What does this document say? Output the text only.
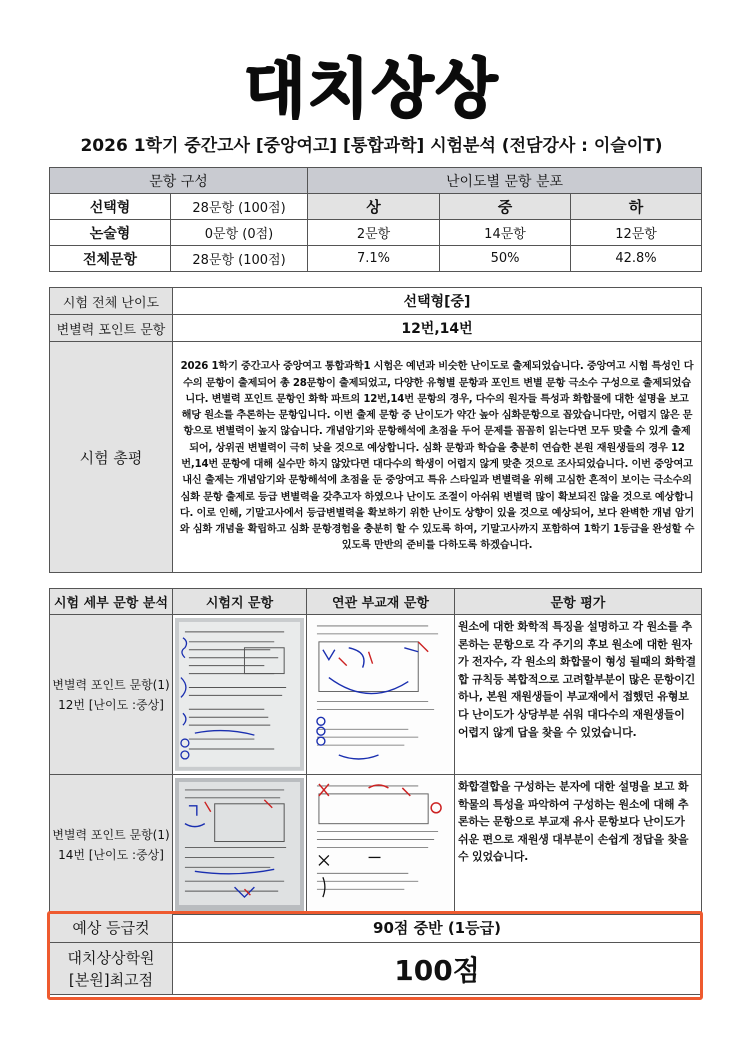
대치상상
2026 1학기 중간고사 [중앙여고] [통합과학] 시험분석 (전담강사 : 이슬이T)
문항 구성		난이도별 문항 분포		
선택형	28문항 (100점)	상	중	하
논술형	0문항 (0점)	2문항	14문항	12문항
전체문항	28문항 (100점)	7.1%	50%	42.8%
시험 전체 난이도	선택형[중]
변별력 포인트 문항	12번,14번
시험 총평	2026 1학기 중간고사 중앙여고 통합과학1 시험은 예년과 비슷한 난이도로 출제되었습니다. 중앙여고 시험 특성인 다수의 문항이 출제되어 총 28문항이 출제되었고, 다양한 유형별 문항과 포인트 변별 문항 극소수 구성으로 출제되었습니다. 변별력 포인트 문항인 화학 파트의 12번,14번 문항의 경우, 다수의 원자들 특성과 화합물에 대한 설명을 보고 해당 원소를 추론하는 문항입니다. 이번 출제 문항 중 난이도가 약간 높아 심화문항으로 꼽았습니다만, 어렵지 않은 문항으로 변별력이 높지 않습니다. 개념암기와 문항해석에 초점을 두어 문제를 꼼꼼히 읽는다면 모두 맞출 수 있게 출제되어, 상위권 변별력이 극히 낮을 것으로 예상합니다. 심화 문항과 학습을 충분히 연습한 본원 재원생들의 경우 12번,14번 문항에 대해 실수만 하지 않았다면 대다수의 학생이 어렵지 않게 맞춘 것으로 조사되었습니다. 이번 중앙여고 내신 출제는 개념암기와 문항해석에 초점을 둔 중앙여고 특유 스타일과 변별력을 위해 고심한 흔적이 보이는 극소수의 심화 문항 출제로 등급 변별력을 갖추고자 하였으나 난이도 조절이 아쉬워 변별력 많이 확보되진 않을 것으로 예상합니다. 이로 인해, 기말고사에서 등급변별력을 확보하기 위한 난이도 상향이 있을 것으로 예상되어, 보다 완벽한 개념 암기와 심화 개념을 확립하고 심화 문항경험을 충분히 할 수 있도록 하여, 기말고사까지 포함하여 1학기 1등급을 완성할 수 있도록 만반의 준비를 다하도록 하겠습니다.
시험 세부 문항 분석	시험지 문항	연관 부교재 문항	문항 평가

변별력 포인트 문항(1)
12번 [난이도 :중상]			원소에 대한 화학적 특징을 설명하고 각 원소를 추론하는 문항으로 각 주기의 후보 원소에 대한 원자가 전자수, 각 원소의 화합물이 형성 될때의 화학결합 규칙등 복합적으로 고려할부분이 많은 문항이긴 하나, 본원 재원생들이 부교재에서 접했던 유형보다 난이도가 상당부분 쉬워 대다수의 재원생들이 어렵지 않게 답을 찾을 수 있었습니다.

변별력 포인트 문항(1)
14번 [난이도 :중상]			화합결합을 구성하는 분자에 대한 설명을 보고 화학물의 특성을 파악하여 구성하는 원소에 대해 추론하는 문항으로 부교재 유사 문항보다 난이도가 쉬운 편으로 재원생 대부분이 손쉽게 정답을 찾을 수 있었습니다.
예상 등급컷	90점 중반 (1등급)

대치상상학원
[본원]최고점	100점
